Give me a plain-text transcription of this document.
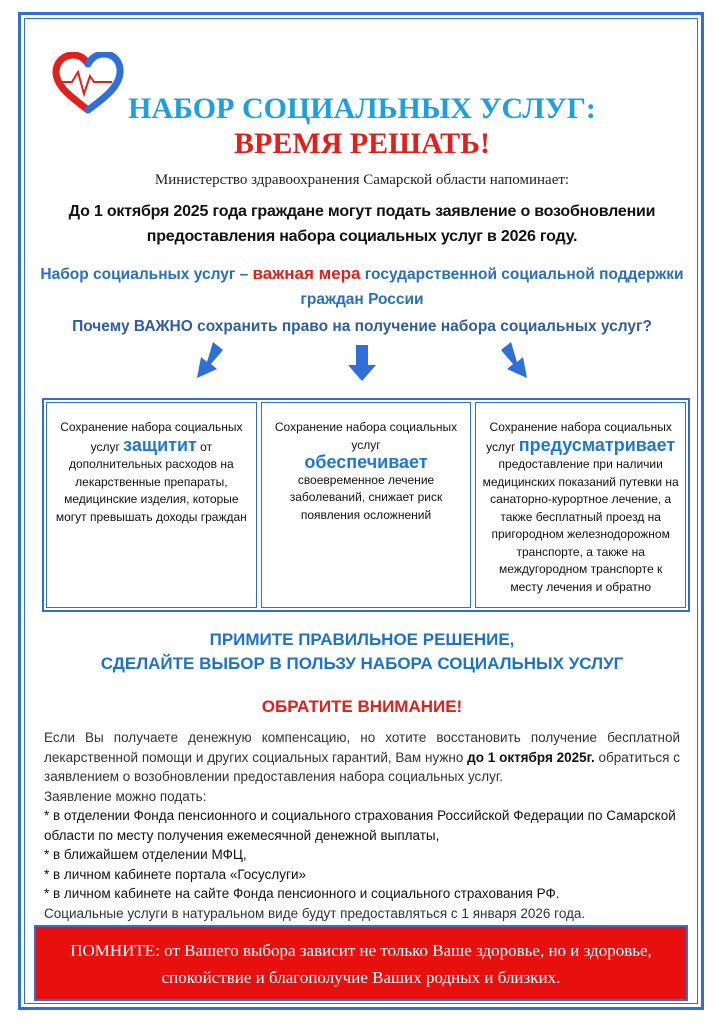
НАБОР СОЦИАЛЬНЫХ УСЛУГ:
ВРЕМЯ РЕШАТЬ!
Министерство здравоохранения Самарской области напоминает:
До 1 октября 2025 года граждане могут подать заявление о возобновлении предоставления набора социальных услуг в 2026 году.
Набор социальных услуг – важная мера государственной социальной поддержки граждан России
Почему ВАЖНО сохранить право на получение набора социальных услуг?
Сохранение набора социальных услуг защитит от дополнительных расходов на лекарственные препараты, медицинские изделия, которые могут превышать доходы граждан
Сохранение набора социальных услуг
обеспечивает
своевременное лечение заболеваний, снижает риск появления осложнений
Сохранение набора социальных услуг предусматривает предоставление при наличии медицинских показаний путевки на санаторно-курортное лечение, а также бесплатный проезд на пригородном железнодорожном транспорте, а также на междугородном транспорте к месту лечения и обратно
ПРИМИТЕ ПРАВИЛЬНОЕ РЕШЕНИЕ,
СДЕЛАЙТЕ ВЫБОР В ПОЛЬЗУ НАБОРА СОЦИАЛЬНЫХ УСЛУГ
ОБРАТИТЕ ВНИМАНИЕ!

Если Вы получаете денежную компенсацию, но хотите восстановить получение бесплатной лекарственной помощи и других социальных гарантий, Вам нужно до 1 октября 2025г. обратиться с заявлением о возобновлении предоставления набора социальных услуг.

Заявление можно подать:

* в отделении Фонда пенсионного и социального страхования Российской Федерации по Самарской области по месту получения ежемесячной денежной выплаты,

* в ближайшем отделении МФЦ,

* в личном кабинете портала «Госуслуги»

* в личном кабинете на сайте Фонда пенсионного и социального страхования РФ.

Социальные услуги в натуральном виде будут предоставляться с 1 января 2026 года.

ПОМНИТЕ: от Вашего выбора зависит не только Ваше здоровье, но и здоровье, спокойствие и благополучие Ваших родных и близких.
